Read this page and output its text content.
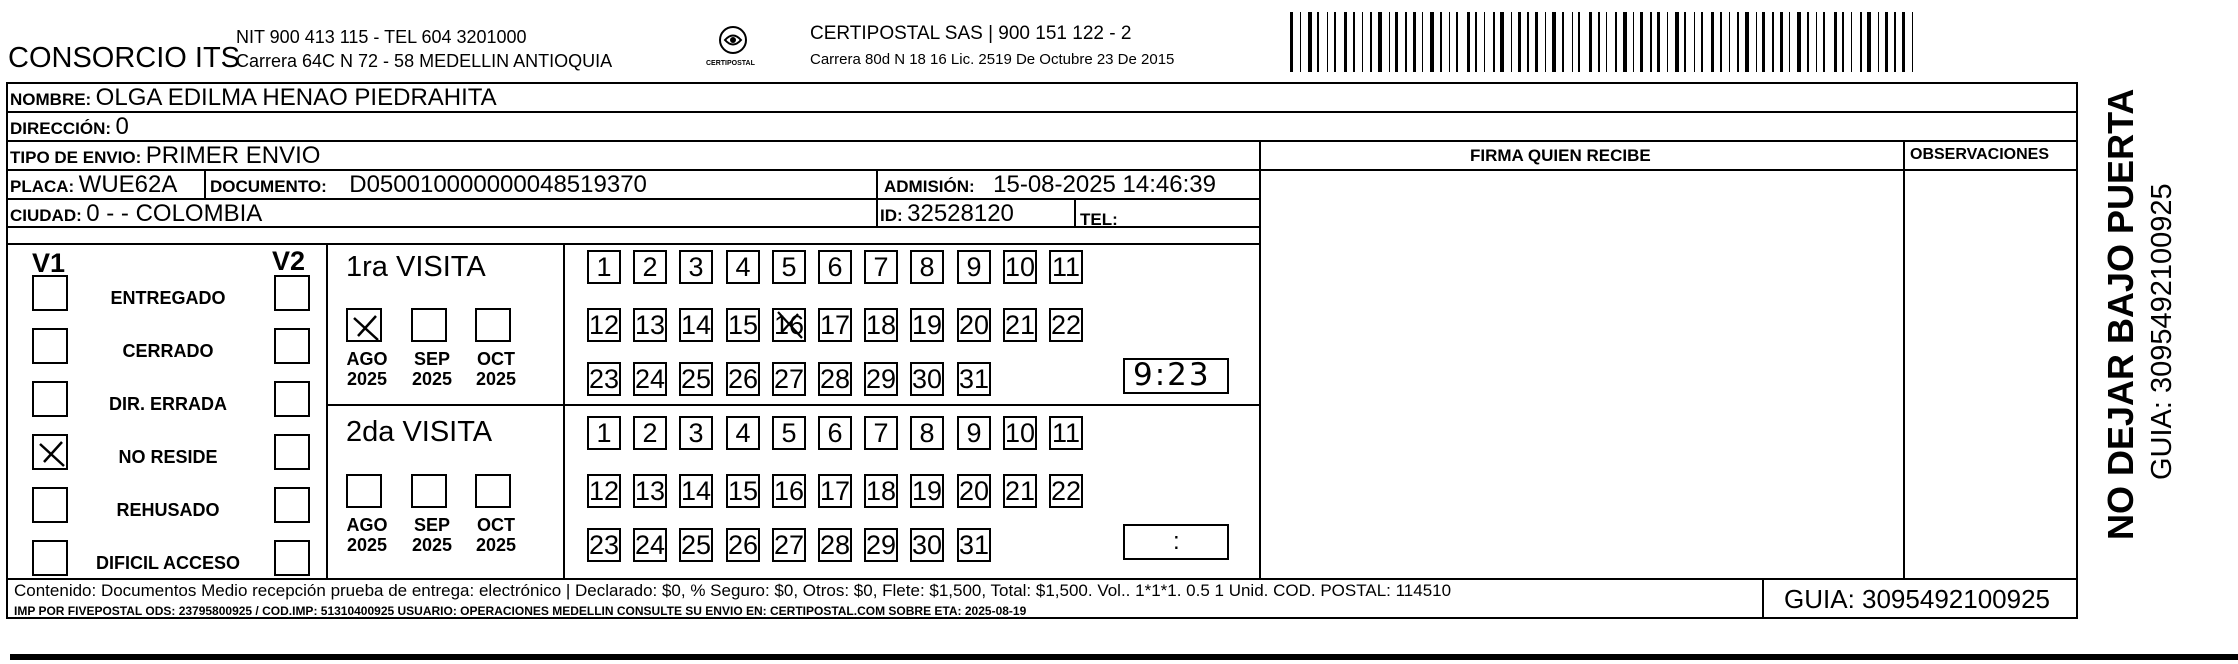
CONSORCIO ITS
NIT 900 413 115 - TEL 604 3201000
Carrera 64C N 72 - 58 MEDELLIN ANTIOQUIA	CERTIPOSTAL
CERTIPOSTAL SAS | 900 151 122 - 2
Carrera 80d N 18 16 Lic. 2519 De Octubre 23 De 2015
NOMBRE: OLGA EDILMA HENAO PIEDRAHITA
DIRECCIÓN: 0
TIPO DE ENVIO: PRIMER ENVIO
PLACA: WUE62A DOCUMENTO: D050010000000048519370	ADMISIÓN: 15-08-2025 14:46:39
CIUDAD: 0 - - COLOMBIA	ID: 32528120	TEL:
FIRMA QUIEN RECIBE	OBSERVACIONES
V1	V2 1ra VISITA
2da VISITA
9:23
:
Contenido: Documentos Medio recepción prueba de entrega: electrónico | Declarado: $0, % Seguro: $0, Otros: $0, Flete: $1,500, Total: $1,500. Vol.. 1*1*1. 0.5 1 Unid. COD. POSTAL: 114510
IMP POR FIVEPOSTAL ODS: 23795800925 / COD.IMP: 51310400925 USUARIO: OPERACIONES MEDELLIN CONSULTE SU ENVIO EN: CERTIPOSTAL.COM SOBRE ETA: 2025-08-19	GUIA: 3095492100925
NO DEJAR BAJO PUERTA GUIA: 3095492100925
ENTREGADO
CERRADO
DIR. ERRADA
NO RESIDE
REHUSADO
DIFICIL ACCESO
AGO
2025
SEP
2025
OCT
2025
AGO
2025
SEP
2025
OCT
2025
1 2 3 4 5 6 7 8 9 10 11
12 13 14 15 16 17 18 19 20 21 22
23 24 25 26 27 28 29 30 31
1 2 3 4 5 6 7 8 9 10 11
12 13 14 15 16 17 18 19 20 21 22
23 24 25 26 27 28 29 30 31
